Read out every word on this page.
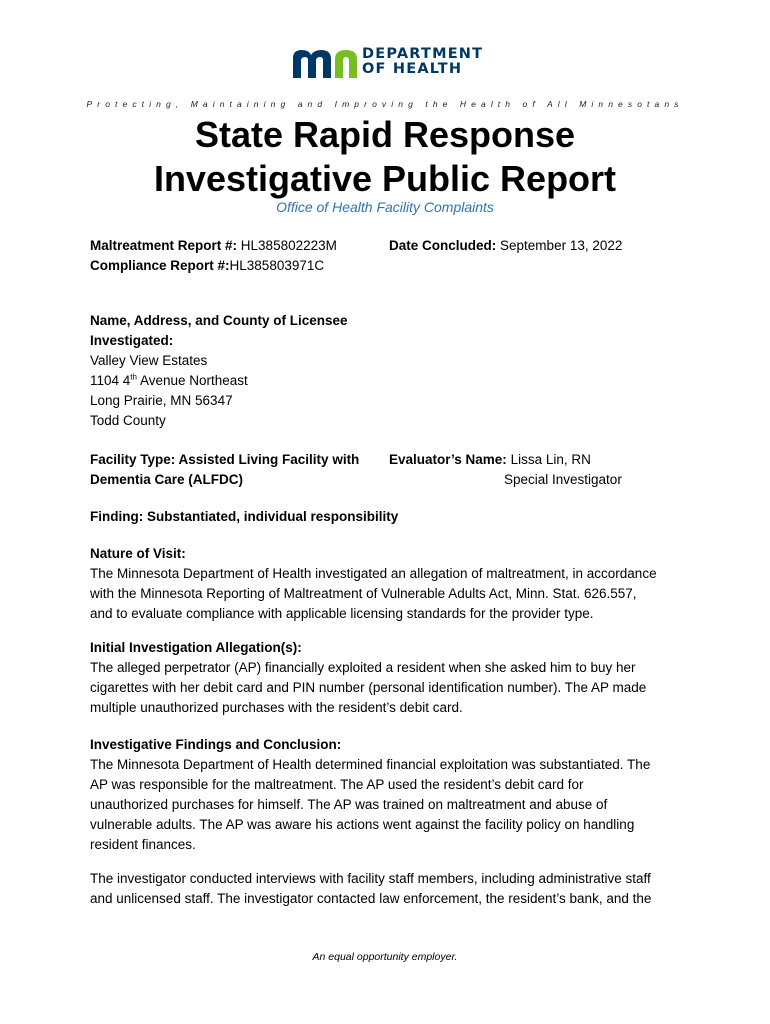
DEPARTMENT
OF HEALTH
Protecting, Maintaining and Improving the Health of All Minnesotans
State Rapid Response
Investigative Public Report
Office of Health Facility Complaints
Maltreatment Report #: HL385802223M
Compliance Report #:HL385803971C
Date Concluded: September 13, 2022
Name, Address, and County of Licensee
Investigated:
Valley View Estates
1104 4th Avenue Northeast
Long Prairie, MN 56347
Todd County
Facility Type: Assisted Living Facility with
Dementia Care (ALFDC)
Evaluator’s Name: Lissa Lin, RN
Special Investigator
Finding: Substantiated, individual responsibility
Nature of Visit:
The Minnesota Department of Health investigated an allegation of maltreatment, in accordance
with the Minnesota Reporting of Maltreatment of Vulnerable Adults Act, Minn. Stat. 626.557,
and to evaluate compliance with applicable licensing standards for the provider type.
Initial Investigation Allegation(s):
The alleged perpetrator (AP) financially exploited a resident when she asked him to buy her
cigarettes with her debit card and PIN number (personal identification number). The AP made
multiple unauthorized purchases with the resident’s debit card.
Investigative Findings and Conclusion:
The Minnesota Department of Health determined financial exploitation was substantiated. The
AP was responsible for the maltreatment. The AP used the resident’s debit card for
unauthorized purchases for himself. The AP was trained on maltreatment and abuse of
vulnerable adults. The AP was aware his actions went against the facility policy on handling
resident finances.
The investigator conducted interviews with facility staff members, including administrative staff
and unlicensed staff. The investigator contacted law enforcement, the resident’s bank, and the
An equal opportunity employer.
